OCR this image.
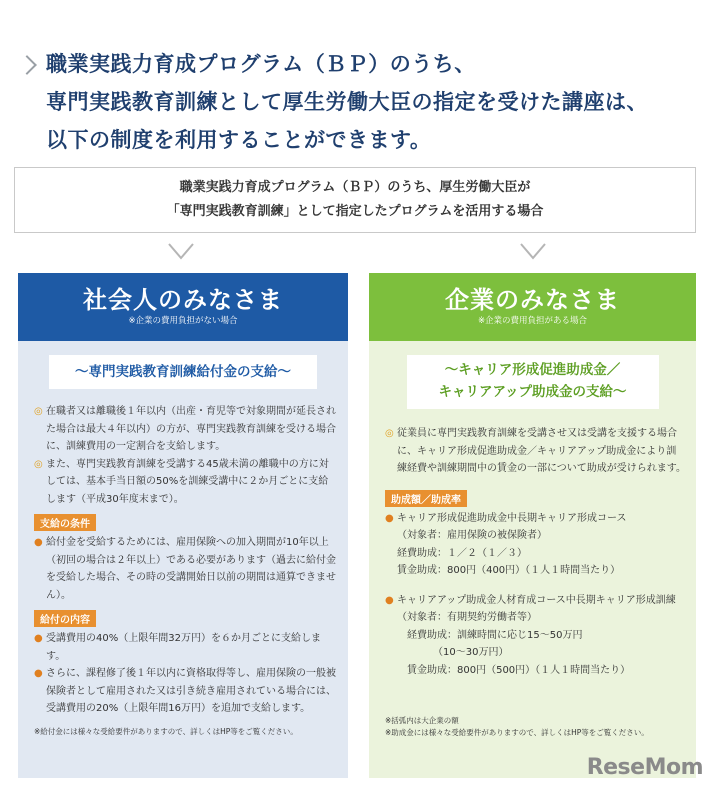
職業実践力育成プログラム（ＢＰ）のうち、
専門実践教育訓練として厚生労働大臣の指定を受けた講座は、
以下の制度を利用することができます。
職業実践力育成プログラム（ＢＰ）のうち、厚生労働大臣が
「専門実践教育訓練」として指定したプログラムを活用する場合
社会人のみなさま
※企業の費用負担がない場合
〜専門実践教育訓練給付金の支給〜
◎ 在職者又は離職後１年以内（出産・育児等で対象期間が延長された場合は最大４年以内）の方が、専門実践教育訓練を受ける場合に、訓練費用の一定割合を支給します。
◎ また、専門実践教育訓練を受講する45歳未満の離職中の方に対しては、基本手当日額の50%を訓練受講中に２か月ごとに支給します（平成30年度末まで）。
支給の条件
● 給付金を受給するためには、雇用保険への加入期間が10年以上（初回の場合は２年以上）である必要があります（過去に給付金を受給した場合、その時の受講開始日以前の期間は通算できません）。
給付の内容
● 受講費用の40%（上限年間32万円）を６か月ごとに支給します。
● さらに、課程修了後１年以内に資格取得等し、雇用保険の一般被保険者として雇用された又は引き続き雇用されている場合には、受講費用の20%（上限年間16万円）を追加で支給します。
※給付金には様々な受給要件がありますので、詳しくはHP等をご覧ください。
企業のみなさま
※企業の費用負担がある場合
〜キャリア形成促進助成金／
キャリアアップ助成金の支給〜
◎ 従業員に専門実践教育訓練を受講させ又は受講を支援する場合に、キャリア形成促進助成金／キャリアアップ助成金により訓練経費や訓練期間中の賃金の一部について助成が受けられます。
助成額／助成率
● キャリア形成促進助成金中長期キャリア形成コース
（対象者：雇用保険の被保険者）
経費助成：１／２（１／３）
賃金助成：800円（400円）（１人１時間当たり）
● キャリアアップ助成金人材育成コース中長期キャリア形成訓練（対象者：有期契約労働者等）
経費助成：訓練時間に応じ15〜50万円
（10〜30万円）
賃金助成：800円（500円）（１人１時間当たり）
※括弧内は大企業の額
※助成金には様々な受給要件がありますので、詳しくはHP等をご覧ください。
ReseMom
